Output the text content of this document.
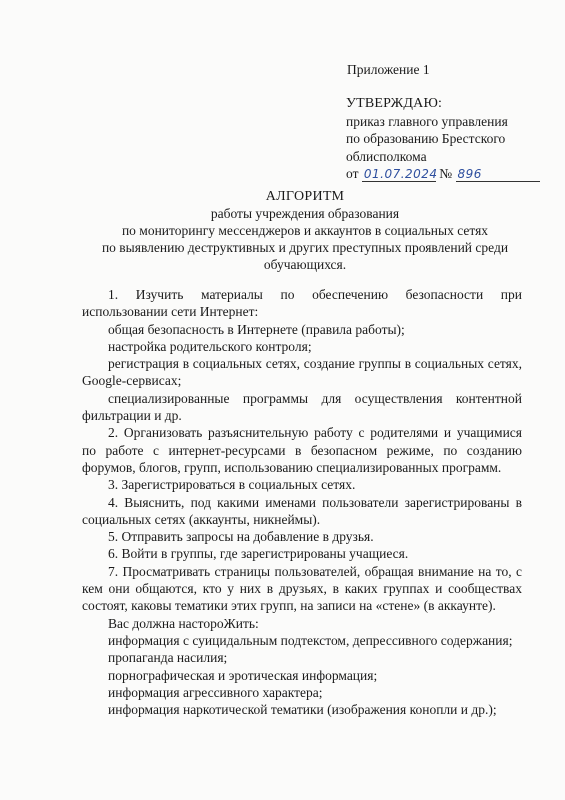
Приложение 1
УТВЕРЖДАЮ:
приказ главного управления
по образованию Брестского
облисполкома
от 01.07.2024 № 896
АЛГОРИТМ
работы учреждения образования
по мониторингу мессенджеров и аккаунтов в социальных сетях
по выявлению деструктивных и других преступных проявлений среди
обучающихся.

1. Изучить материалы по обеспечению безопасности при использовании сети Интернет:

общая безопасность в Интернете (правила работы);

настройка родительского контроля;

регистрация в социальных сетях, создание группы в социальных сетях, Google-сервисах;

специализированные программы для осуществления контентной фильтрации и др.

2. Организовать разъяснительную работу с родителями и учащимися по работе с интернет-ресурсами в безопасном режиме, по созданию форумов, блогов, групп, использованию специализированных программ.

3. Зарегистрироваться в социальных сетях.

4. Выяснить, под какими именами пользователи зарегистрированы в социальных сетях (аккаунты, никнеймы).

5. Отправить запросы на добавление в друзья.

6. Войти в группы, где зарегистрированы учащиеся.

7. Просматривать страницы пользователей, обращая внимание на то, с кем они общаются, кто у них в друзьях, в каких группах и сообществах состоят, каковы тематики этих групп, на записи на «стене» (в аккаунте).

Вас должна настороЖить:

информация с суицидальным подтекстом, депрессивного содержания;

пропаганда насилия;

порнографическая и эротическая информация;

информация агрессивного характера;

информация наркотической тематики (изображения конопли и др.);
